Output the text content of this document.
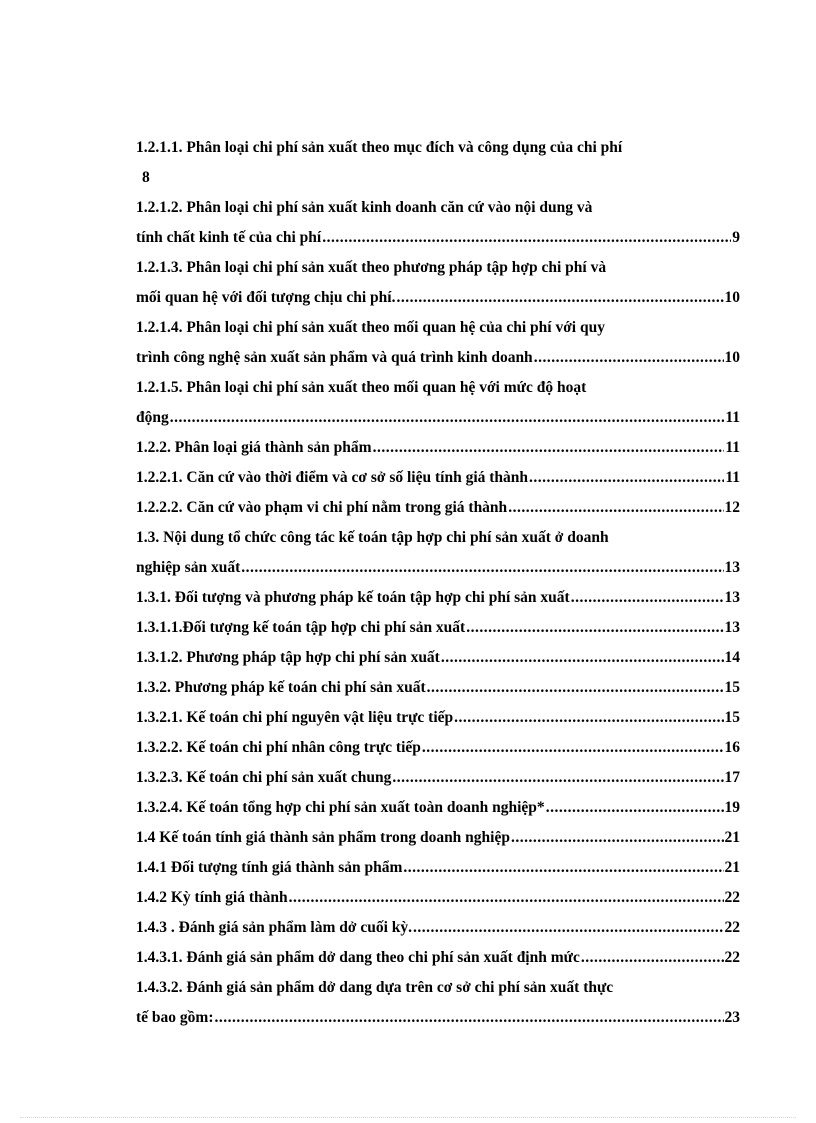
1.2.1.1. Phân loại chi phí sản xuất theo mục đích và công dụng của chi phí
8
1.2.1.2. Phân loại chi phí sản xuất kinh doanh căn cứ vào nội dung và
tính chất kinh tế của chi phí .....	9
1.2.1.3. Phân loại chi phí sản xuất theo phương pháp tập hợp chi phí và
mối quan hệ với đối tượng chịu chi phí. .....	10
1.2.1.4. Phân loại chi phí sản xuất theo mối quan hệ của chi phí với quy
trình công nghệ sản xuất sản phẩm và quá trình kinh doanh .....	10
1.2.1.5. Phân loại chi phí sản xuất theo mối quan hệ với mức độ hoạt
động .....	11
1.2.2. Phân loại giá thành sản phẩm .....	11
1.2.2.1. Căn cứ vào thời điểm và cơ sở số liệu tính giá thành .....	11
1.2.2.2. Căn cứ vào phạm vi chi phí nằm trong giá thành .....	12
1.3. Nội dung tổ chức công tác kế toán tập hợp chi phí sản xuất ở doanh
nghiệp sản xuất .....	13
1.3.1. Đối tượng và phương pháp kế toán tập hợp chi phí sản xuất .....	13
1.3.1.1.Đối tượng kế toán tập hợp chi phí sản xuất .....	13
1.3.1.2. Phương pháp tập hợp chi phí sản xuất .....	14
1.3.2. Phương pháp kế toán chi phí sản xuất .....	15
1.3.2.1. Kế toán chi phí nguyên vật liệu trực tiếp .....	15
1.3.2.2. Kế toán chi phí nhân công trực tiếp .....	16
1.3.2.3. Kế toán chi phí sản xuất chung .....	17
1.3.2.4. Kế toán tổng hợp chi phí sản xuất toàn doanh nghiệp* .....	19
1.4 Kế toán tính giá thành sản phẩm trong doanh nghiệp .....	21
1.4.1 Đối tượng tính giá thành sản phẩm .....	21
1.4.2 Kỳ tính giá thành .....	22
1.4.3 . Đánh giá sản phẩm làm dở cuối kỳ. .....	22
1.4.3.1. Đánh giá sản phẩm dở dang theo chi phí sản xuất định mức .....	22
1.4.3.2. Đánh giá sản phẩm dở dang dựa trên cơ sở chi phí sản xuất thực
tế bao gồm: .....	23
